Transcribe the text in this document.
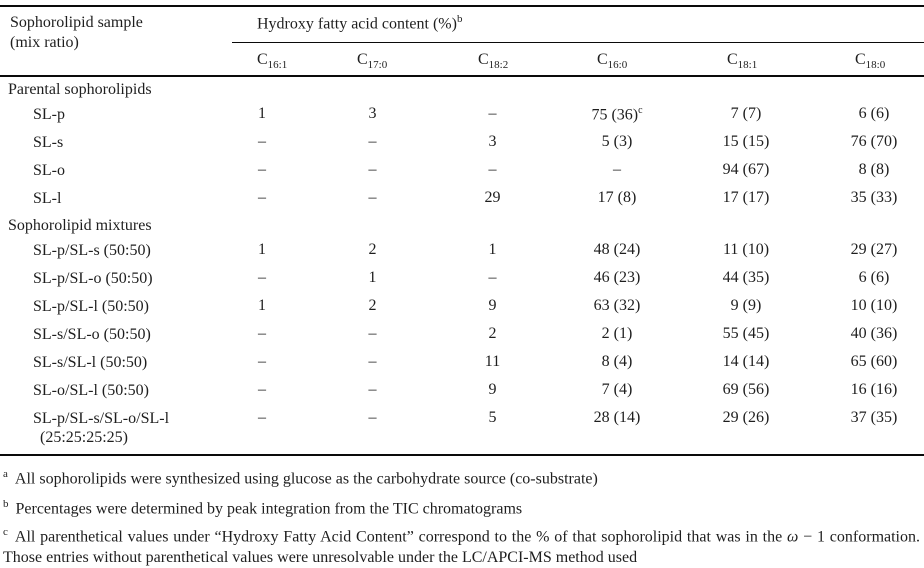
Sophorolipid sample
(mix ratio)	Hydroxy fatty acid content (%)$^b$
	$C_{16:1}$	$C_{17:0}$	$C_{18:2}$	$C_{16:0}$	$C_{18:1}$	$C_{18:0}$
Parental sophorolipids						

SL-p	1	3	–	75 $(36)^c$	7 (7)	6 (6)

SL-s	–	–	3	5 (3)	15 (15)	76 (70)

SL-o	–	–	–	–	94 (67)	8 (8)

SL-l	–	–	29	17 (8)	17 (17)	35 (33)
Sophorolipid mixtures						

SL-p/SL-s (50:50)	1	2	1	48 (24)	11 (10)	29 (27)

SL-p/SL-o (50:50)	–	1	–	46 (23)	44 (35)	6 (6)

SL-p/SL-l (50:50)	1	2	9	63 (32)	9 (9)	10 (10)

SL-s/SL-o (50:50)	–	–	2	2 (1)	55 (45)	40 (36)

SL-s/SL-l (50:50)	–	–	11	8 (4)	14 (14)	65 (60)

SL-o/SL-l (50:50)	–	–	9	7 (4)	69 (56)	16 (16)

SL-p/SL-s/SL-o/SL-l
(25:25:25:25)	–	–	5	28 (14)	29 (26)	37 (35)
$^a$ All sophorolipids were synthesized using glucose as the carbohydrate source (co-substrate)
$^b$ Percentages were determined by peak integration from the TIC chromatograms
$^c$ All parenthetical values under “Hydroxy Fatty Acid Content” correspond to the % of that sophorolipid that was in the ω − 1 conformation. Those entries without parenthetical values were unresolvable under the LC/APCI-MS method used
